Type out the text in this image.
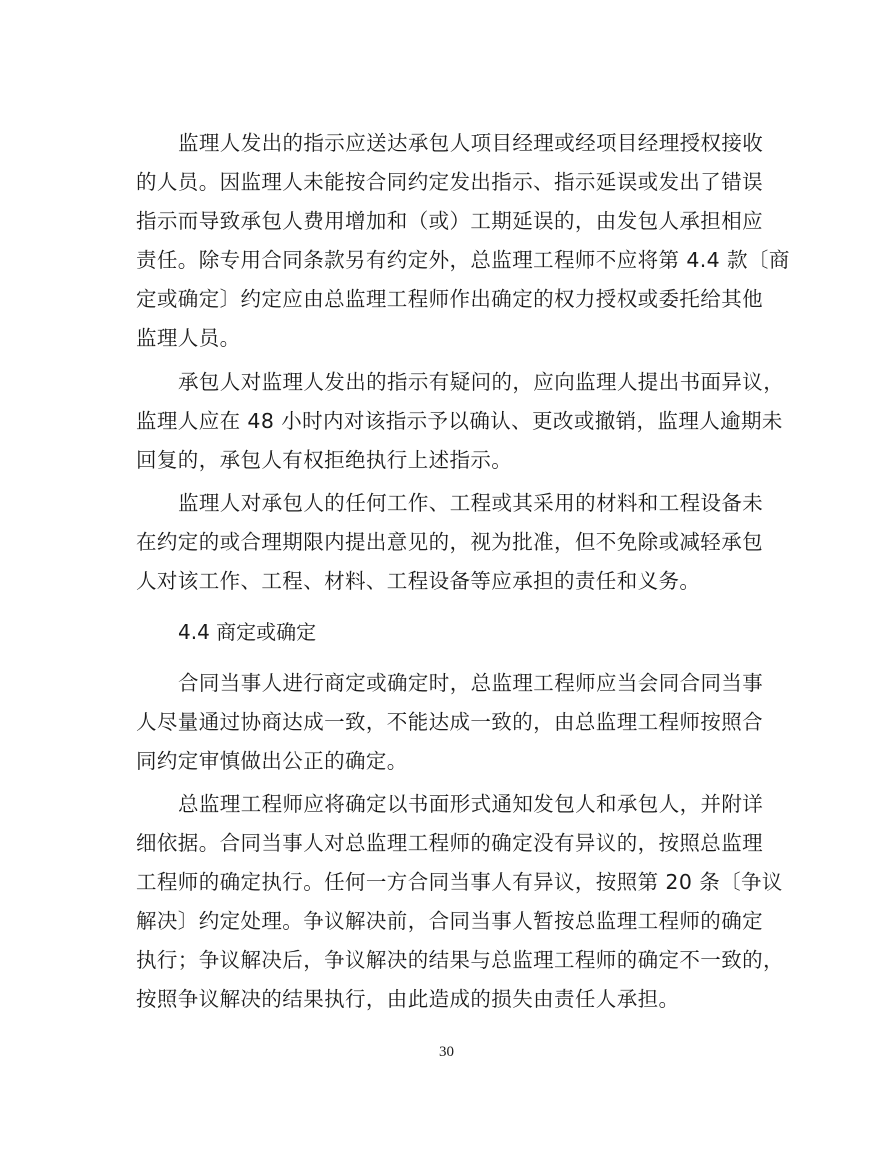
监理人发出的指示应送达承包人项目经理或经项目经理授权接收
的人员。因监理人未能按合同约定发出指示、指示延误或发出了错误
指示而导致承包人费用增加和（或）工期延误的，由发包人承担相应
责任。除专用合同条款另有约定外，总监理工程师不应将第 4.4 款〔商
定或确定〕约定应由总监理工程师作出确定的权力授权或委托给其他
监理人员。
承包人对监理人发出的指示有疑问的，应向监理人提出书面异议，
监理人应在 48 小时内对该指示予以确认、更改或撤销，监理人逾期未
回复的，承包人有权拒绝执行上述指示。
监理人对承包人的任何工作、工程或其采用的材料和工程设备未
在约定的或合理期限内提出意见的，视为批准，但不免除或减轻承包
人对该工作、工程、材料、工程设备等应承担的责任和义务。
4.4 商定或确定
合同当事人进行商定或确定时，总监理工程师应当会同合同当事
人尽量通过协商达成一致，不能达成一致的，由总监理工程师按照合
同约定审慎做出公正的确定。
总监理工程师应将确定以书面形式通知发包人和承包人，并附详
细依据。合同当事人对总监理工程师的确定没有异议的，按照总监理
工程师的确定执行。任何一方合同当事人有异议，按照第 20 条〔争议
解决〕约定处理。争议解决前，合同当事人暂按总监理工程师的确定
执行；争议解决后，争议解决的结果与总监理工程师的确定不一致的，
按照争议解决的结果执行，由此造成的损失由责任人承担。
30
